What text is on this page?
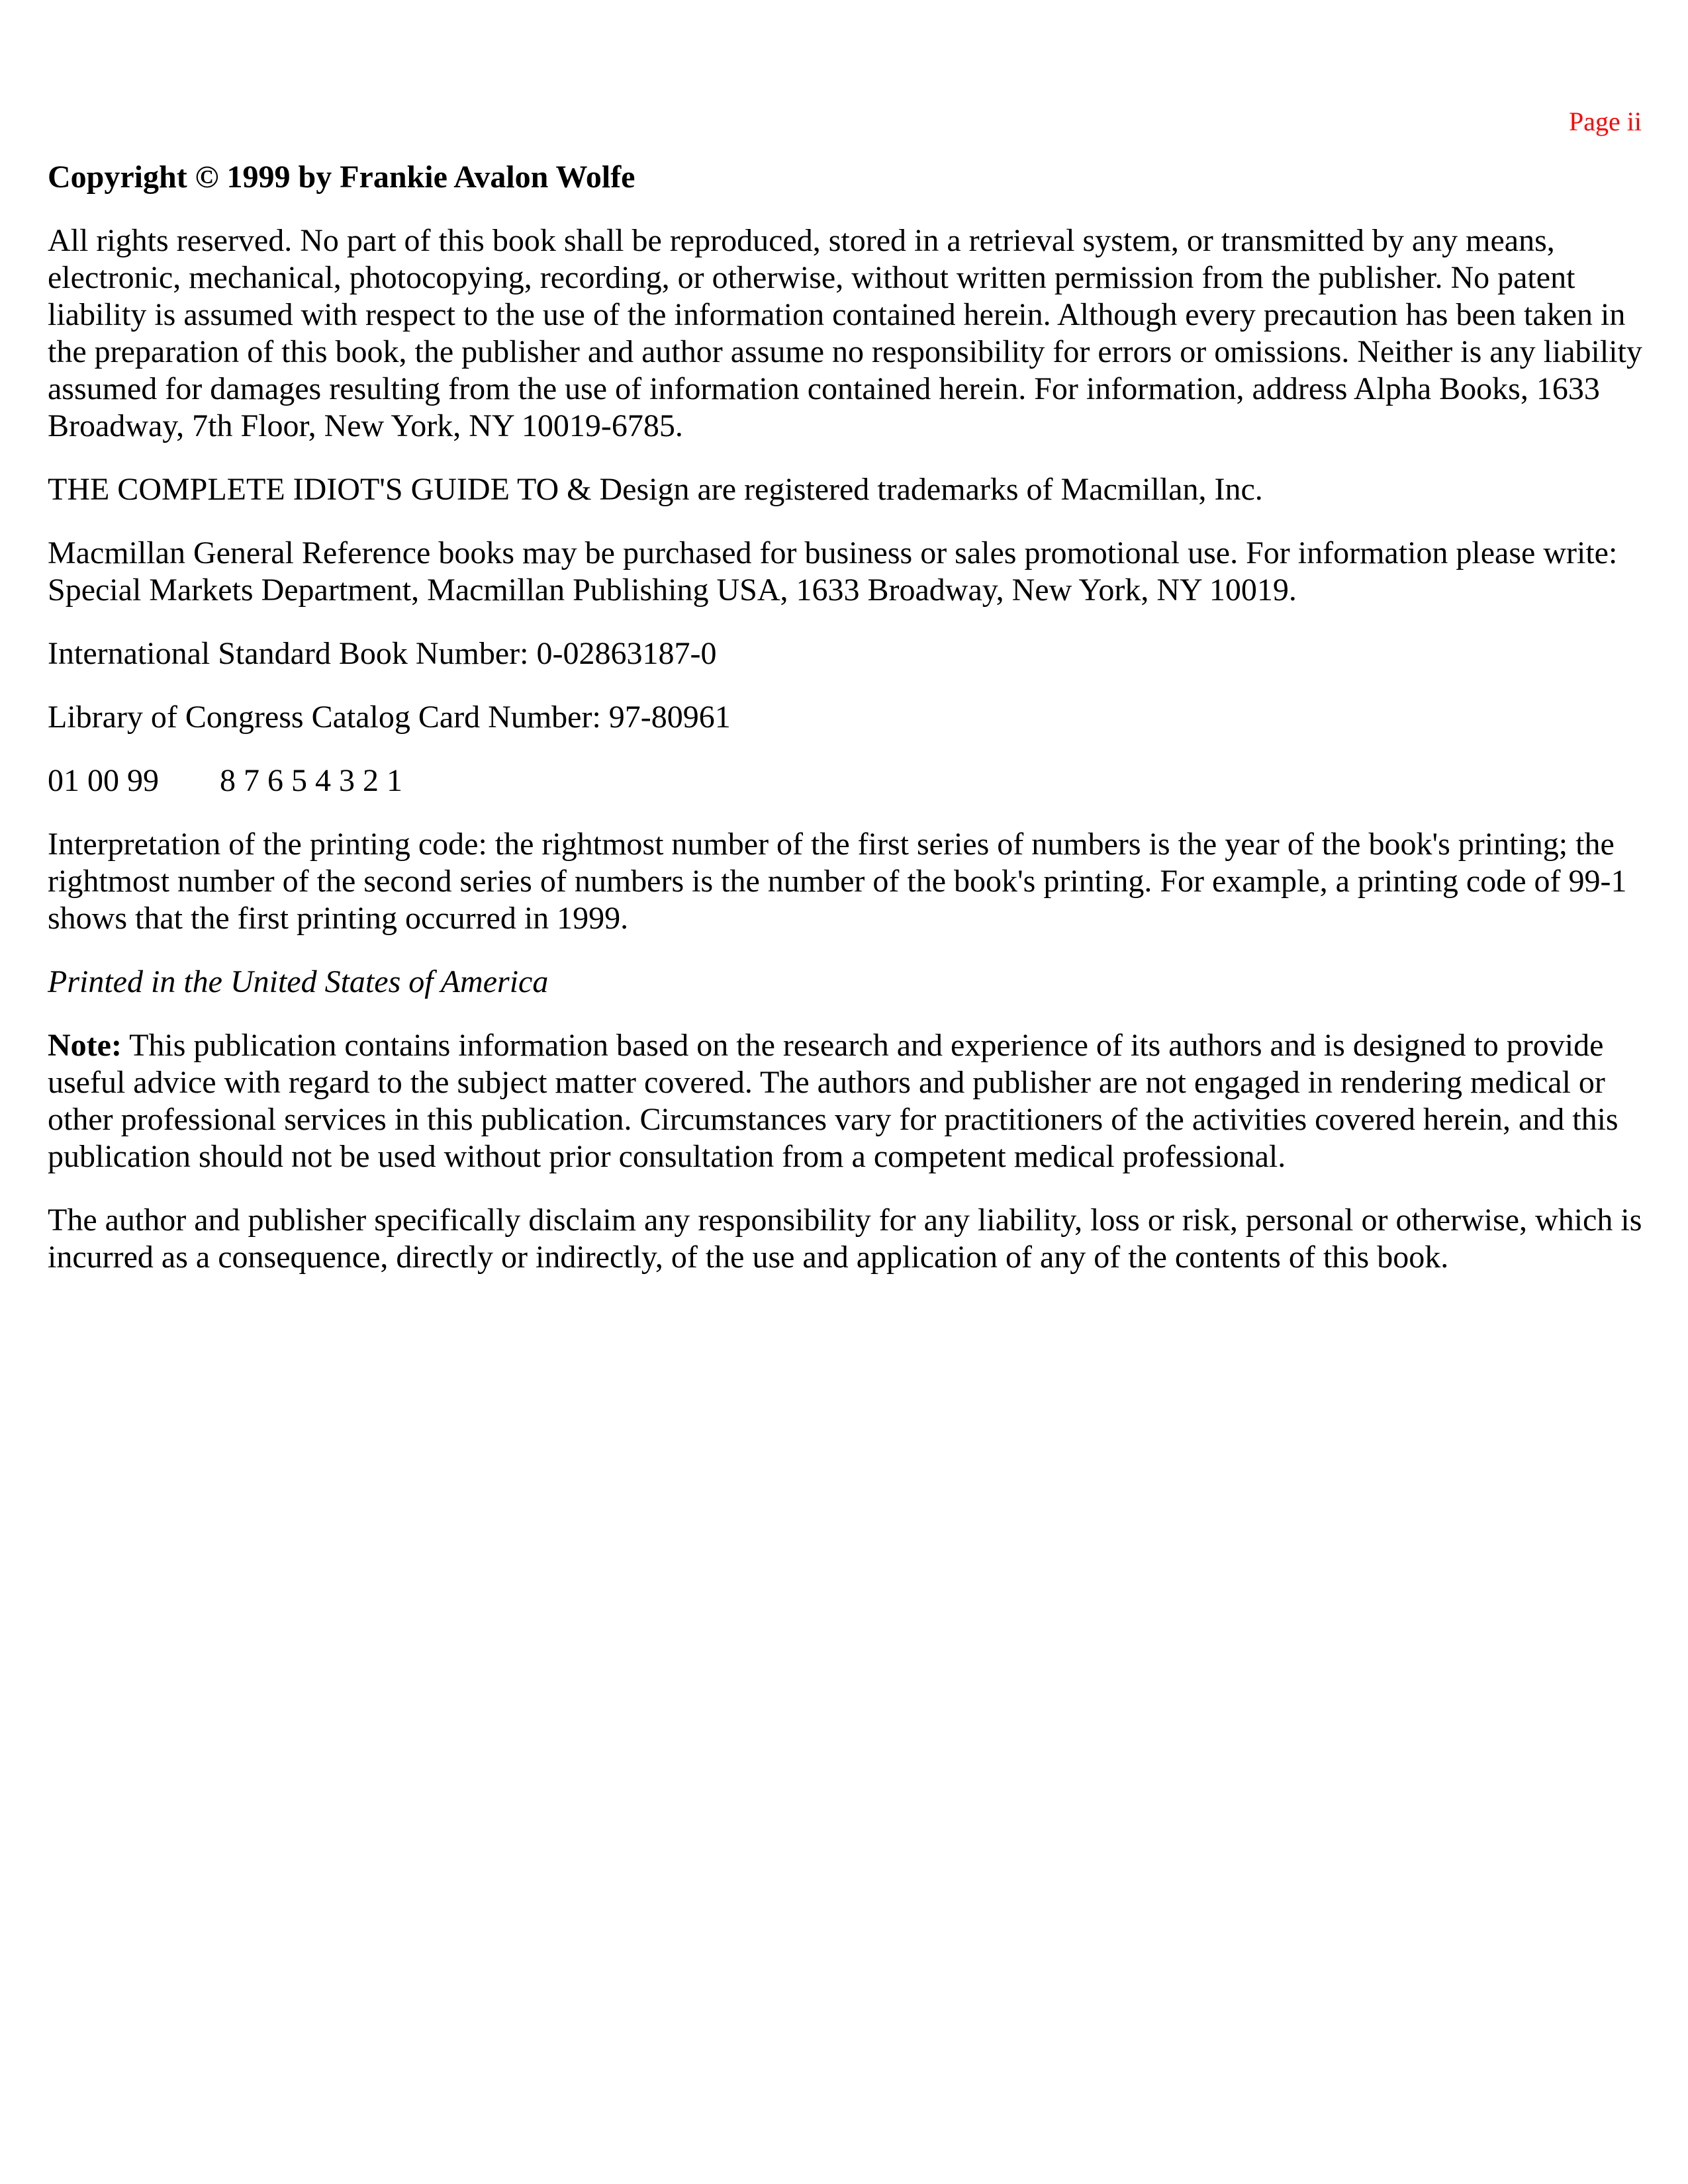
Page ii

Copyright © 1999 by Frankie Avalon Wolfe

All rights reserved. No part of this book shall be reproduced, stored in a retrieval system, or transmitted by any means, electronic, mechanical, photocopying, recording, or otherwise, without written permission from the publisher. No patent liability is assumed with respect to the use of the information contained herein. Although every precaution has been taken in the preparation of this book, the publisher and author assume no responsibility for errors or omissions. Neither is any liability assumed for damages resulting from the use of information contained herein. For information, address Alpha Books, 1633 Broadway, 7th Floor, New York, NY 10019-6785.

THE COMPLETE IDIOT'S GUIDE TO & Design are registered trademarks of Macmillan, Inc.

Macmillan General Reference books may be purchased for business or sales promotional use. For information please write: Special Markets Department, Macmillan Publishing USA, 1633 Broadway, New York, NY 10019.

International Standard Book Number: 0-02863187-0

Library of Congress Catalog Card Number: 97-80961

01 00 99 8 7 6 5 4 3 2 1

Interpretation of the printing code: the rightmost number of the first series of numbers is the year of the book's printing; the rightmost number of the second series of numbers is the number of the book's printing. For example, a printing code of 99-1 shows that the first printing occurred in 1999.

Printed in the United States of America

Note: This publication contains information based on the research and experience of its authors and is designed to provide useful advice with regard to the subject matter covered. The authors and publisher are not engaged in rendering medical or other professional services in this publication. Circumstances vary for practitioners of the activities covered herein, and this publication should not be used without prior consultation from a competent medical professional.

The author and publisher specifically disclaim any responsibility for any liability, loss or risk, personal or otherwise, which is incurred as a consequence, directly or indirectly, of the use and application of any of the contents of this book.
